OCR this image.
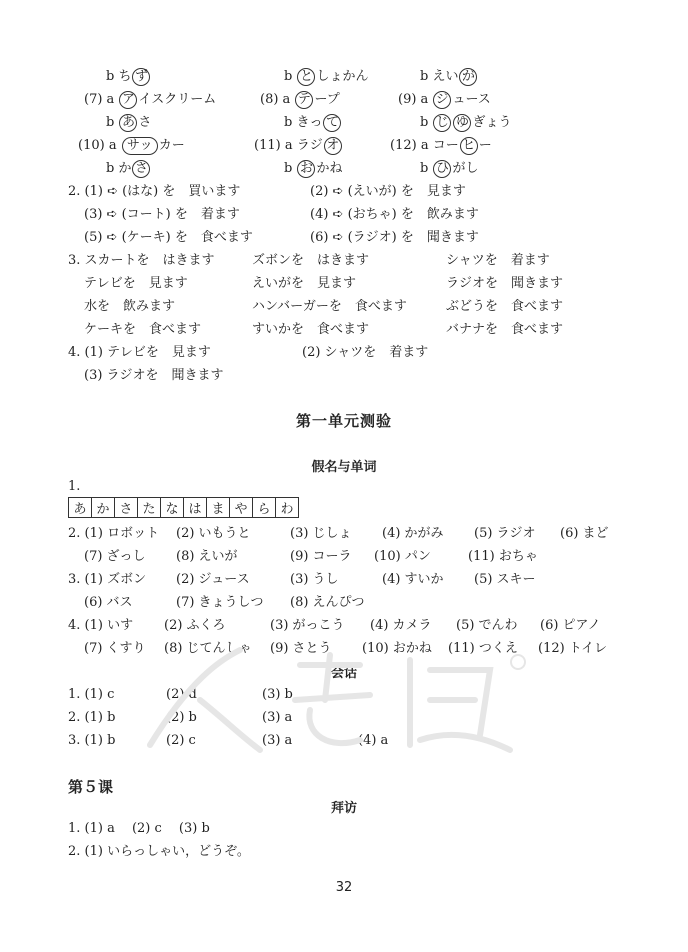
b ち ず	b と しょかん	b えい が
(7) a ア イスクリーム	(8) a テ ープ	(9) a ジ ュース
b あ さ	b きっ て	b じ ゆ ぎょう
(10) a サッ カー	(11) a ラジ オ	(12) a コー ヒ ー
b か さ	b お かね	b ひ がし
2. (1) ➪ (はな) を　買います	(2) ➪ (えいが) を　見ます
(3) ➪ (コート) を　着ます	(4) ➪ (おちゃ) を　飲みます
(5) ➪ (ケーキ) を　食べます	(6) ➪ (ラジオ) を　聞きます
3. スカートを　はきます	ズボンを　はきます	シャツを　着ます
テレビを　見ます	えいがを　見ます	ラジオを　聞きます
水を　飲みます	ハンバーガーを　食べます	ぶどうを　食べます
ケーキを　食べます	すいかを　食べます	バナナを　食べます
4. (1) テレビを　見ます	(2) シャツを　着ます
(3) ラジオを　聞きます
第一单元测验
假名与单词
1.
あ	か	さ	た	な	は	ま	や	ら	わ
2. (1) ロボット (2) いもうと	(3) じしょ (4) かがみ (5) ラジオ (6) まど
(7) ざっし (8) えいが	(9) コーラ (10) パン	(11) おちゃ
3. (1) ズボン (2) ジュース	(3) うし	(4) すいか (5) スキー
(6) バス	(7) きょうしつ (8) えんぴつ
4. (1) いす (2) ふくろ	(3) がっこう (4) カメラ (5) でんわ (6) ピアノ
(7) くすり (8) じてんしゃ (9) さとう (10) おかね (11) つくえ (12) トイレ
会话
1. (1) c	(2) d	(3) b
2. (1) b	(2) b	(3) a
3. (1) b	(2) c	(3) a	(4) a
第５课
拜访
1. (1) a　 (2) c　 (3) b
2. (1) いらっしゃい，どうぞ。
32
